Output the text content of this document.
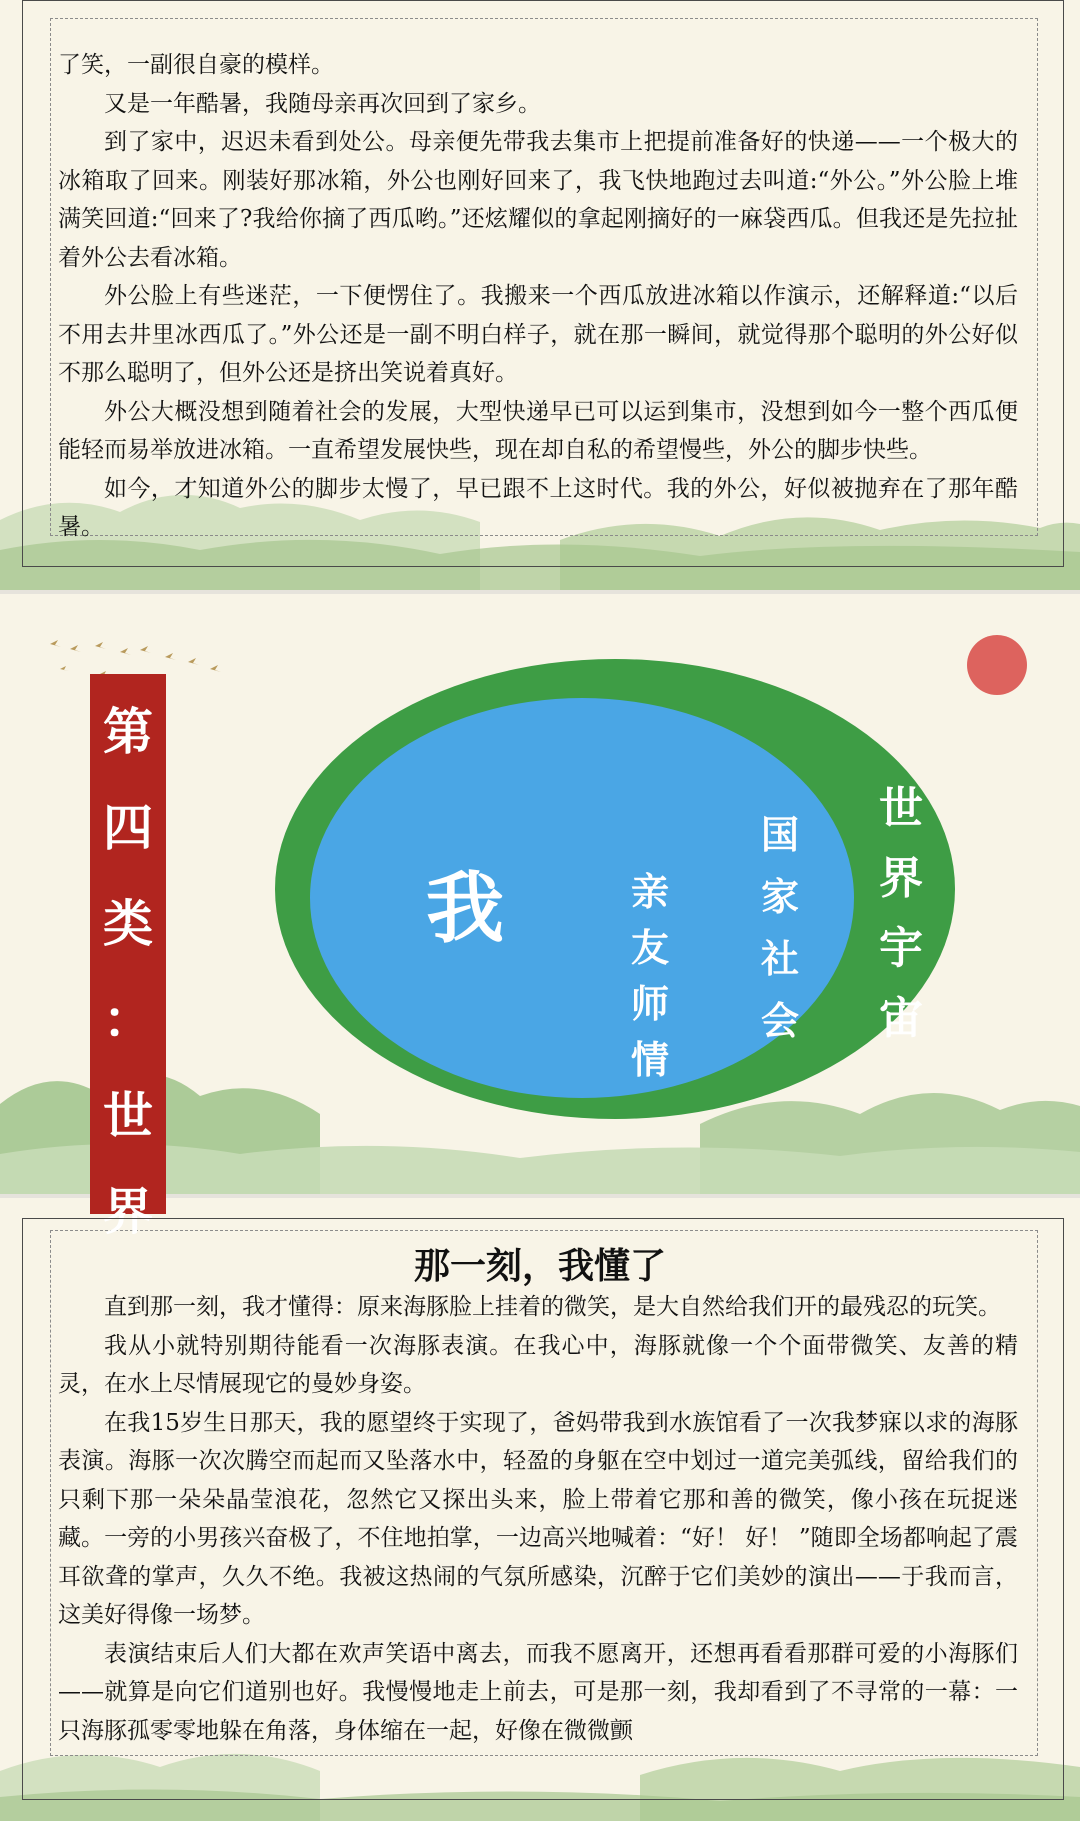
了笑，一副很自豪的模样。

又是一年酷暑，我随母亲再次回到了家乡。

到了家中，迟迟未看到处公。母亲便先带我去集市上把提前准备好的快递——一个极大的冰箱取了回来。刚装好那冰箱，外公也刚好回来了，我飞快地跑过去叫道:“外公。”外公脸上堆满笑回道:“回来了?我给你摘了西瓜哟。”还炫耀似的拿起刚摘好的一麻袋西瓜。但我还是先拉扯着外公去看冰箱。

外公脸上有些迷茫，一下便愣住了。我搬来一个西瓜放进冰箱以作演示，还解释道:“以后不用去井里冰西瓜了。”外公还是一副不明白样子，就在那一瞬间，就觉得那个聪明的外公好似不那么聪明了，但外公还是挤出笑说着真好。

外公大概没想到随着社会的发展，大型快递早已可以运到集市，没想到如今一整个西瓜便能轻而易举放进冰箱。一直希望发展快些，现在却自私的希望慢些，外公的脚步快些。

如今，才知道外公的脚步太慢了，早已跟不上这时代。我的外公，好似被抛弃在了那年酷暑。

第
四
类
：
世
界
我	亲
友
师
情
国
家
社
会
世
界
宇
宙
那一刻，我懂了

直到那一刻，我才懂得：原来海豚脸上挂着的微笑，是大自然给我们开的最残忍的玩笑。

我从小就特别期待能看一次海豚表演。在我心中，海豚就像一个个面带微笑、友善的精灵，在水上尽情展现它的曼妙身姿。

在我15岁生日那天，我的愿望终于实现了，爸妈带我到水族馆看了一次我梦寐以求的海豚表演。海豚一次次腾空而起而又坠落水中，轻盈的身躯在空中划过一道完美弧线，留给我们的只剩下那一朵朵晶莹浪花，忽然它又探出头来，脸上带着它那和善的微笑，像小孩在玩捉迷藏。一旁的小男孩兴奋极了，不住地拍掌，一边高兴地喊着：“好！ 好！ ”随即全场都响起了震耳欲聋的掌声，久久不绝。我被这热闹的气氛所感染，沉醉于它们美妙的演出——于我而言，这美好得像一场梦。

表演结束后人们大都在欢声笑语中离去，而我不愿离开，还想再看看那群可爱的小海豚们——就算是向它们道别也好。我慢慢地走上前去，可是那一刻，我却看到了不寻常的一幕：一只海豚孤零零地躲在角落，身体缩在一起，好像在微微颤
